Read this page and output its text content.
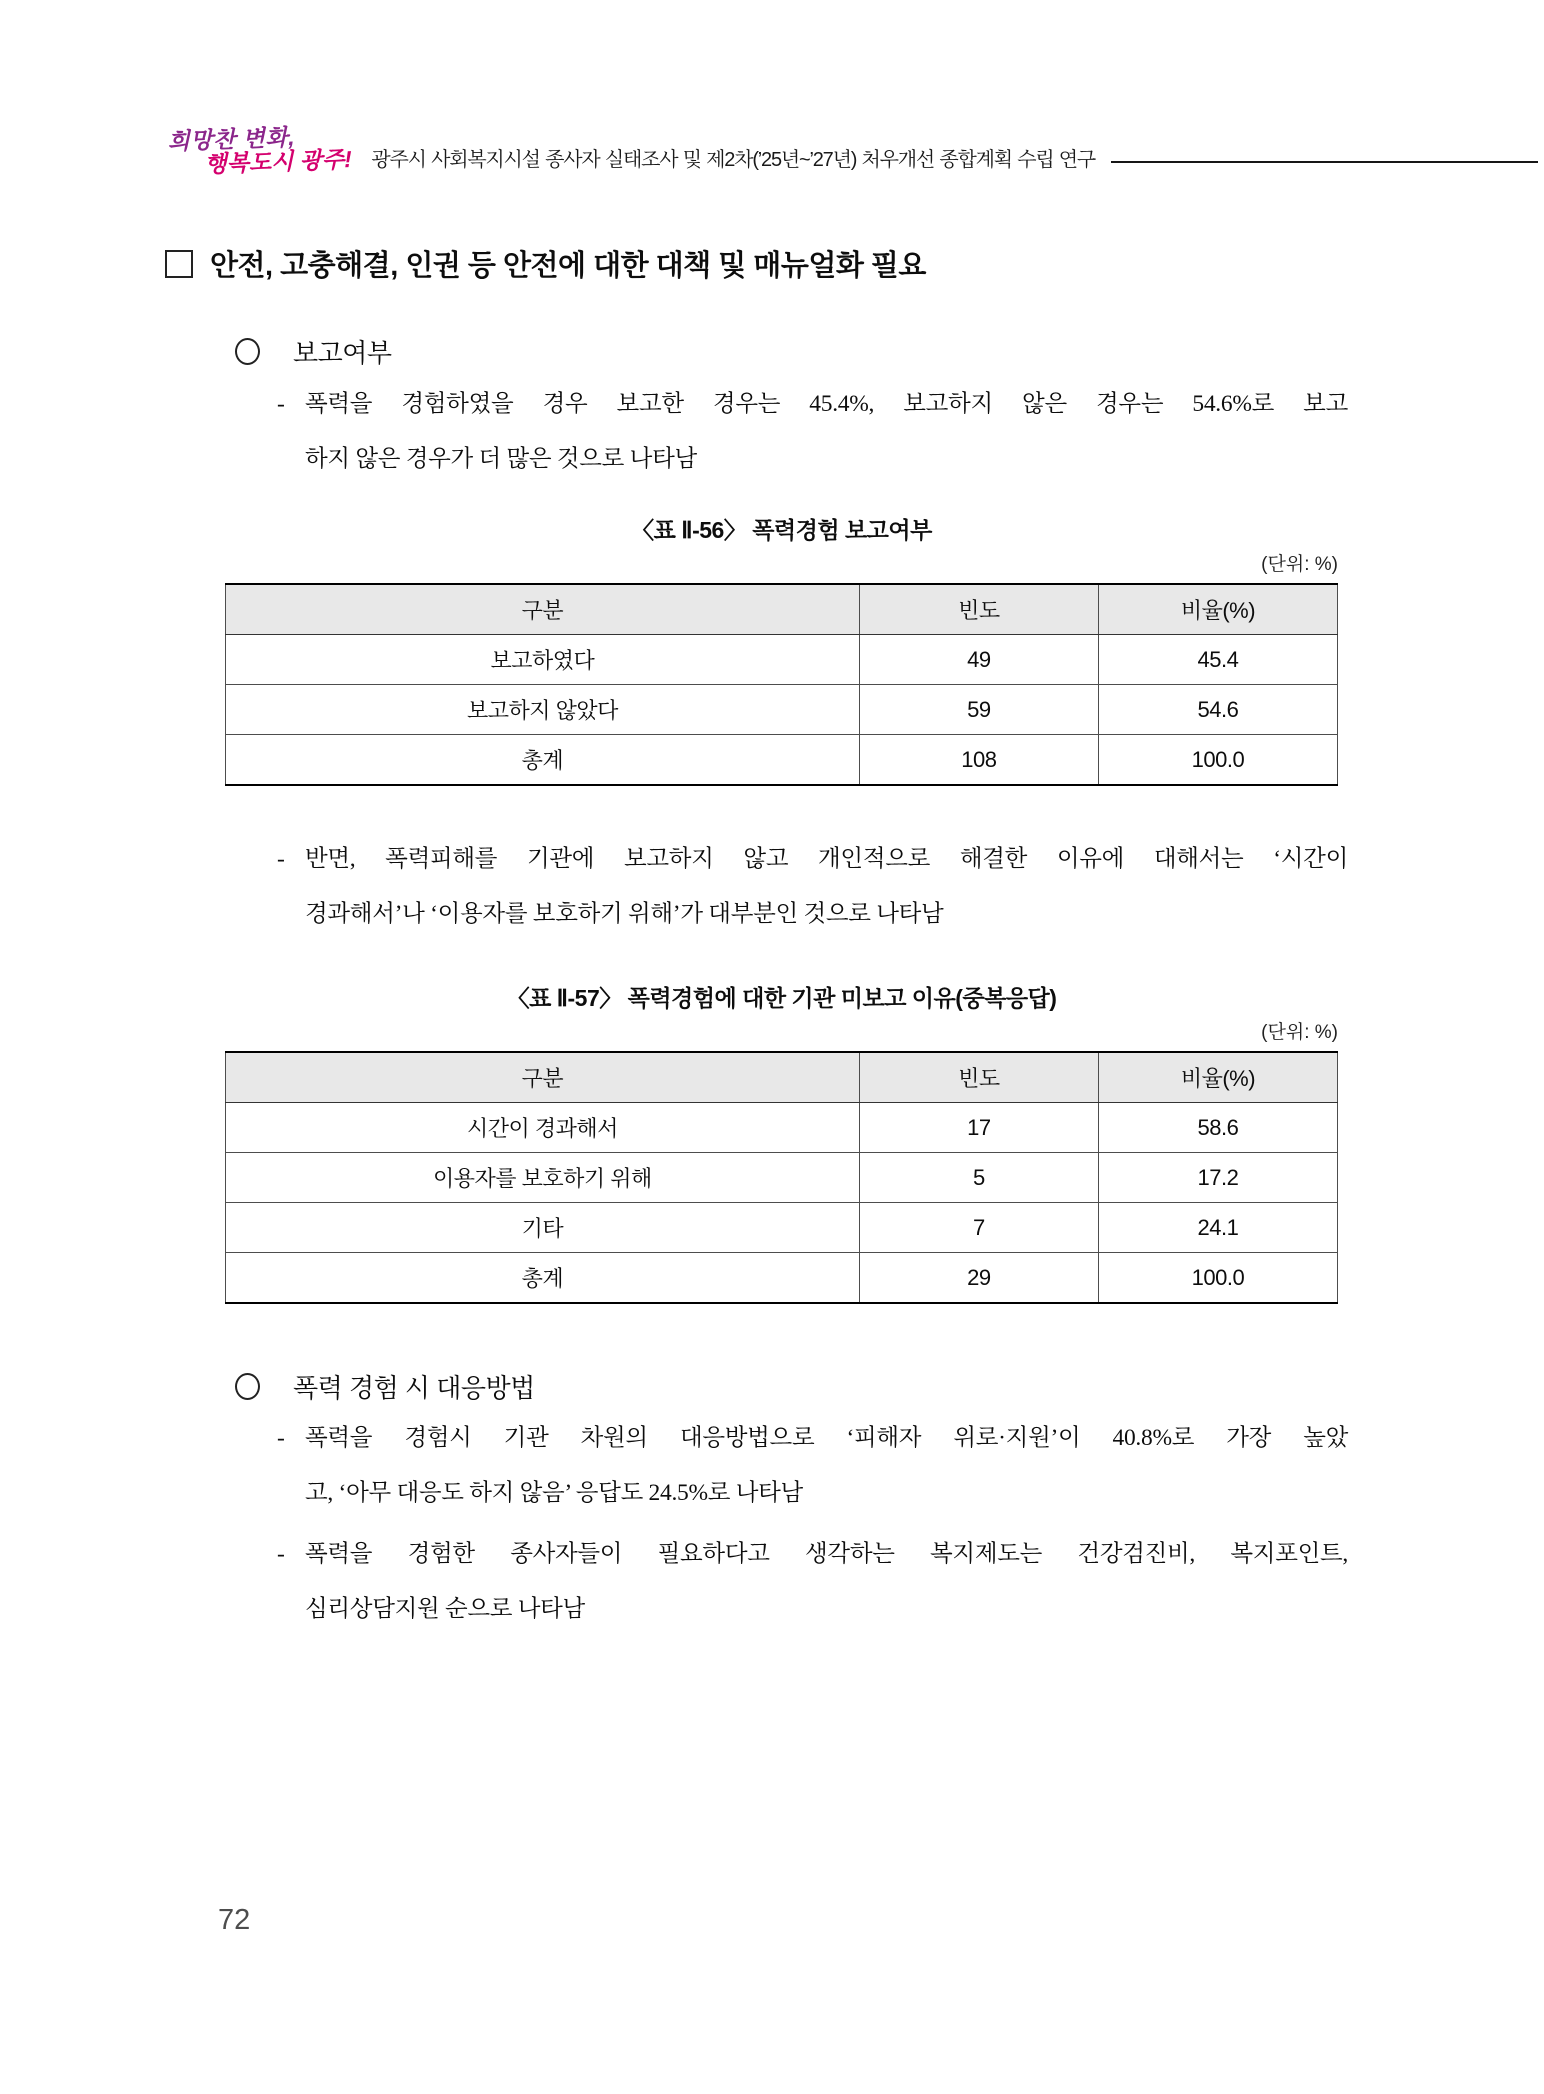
희망찬 변화,
행복도시 광주! 광주시 사회복지시설 종사자 실태조사 및 제2차(’25년~’27년) 처우개선 종합계획 수립 연구
안전, 고충해결, 인권 등 안전에 대한 대책 및 매뉴얼화 필요
보고여부
- 폭력을 경험하였을 경우 보고한 경우는 45.4%, 보고하지 않은 경우는 54.6%로 보고
하지 않은 경우가 더 많은 것으로 나타남
〈표 Ⅱ-56〉 폭력경험 보고여부
(단위: %)
구분	빈도	비율(%)
보고하였다	49	45.4
보고하지 않았다	59	54.6
총계	108	100.0
- 반면, 폭력피해를 기관에 보고하지 않고 개인적으로 해결한 이유에 대해서는 ‘시간이
경과해서’나 ‘이용자를 보호하기 위해’가 대부분인 것으로 나타남
〈표 Ⅱ-57〉 폭력경험에 대한 기관 미보고 이유(중복응답)
(단위: %)
구분	빈도	비율(%)
시간이 경과해서	17	58.6
이용자를 보호하기 위해	5	17.2
기타	7	24.1
총계	29	100.0
폭력 경험 시 대응방법
- 폭력을 경험시 기관 차원의 대응방법으로 ‘피해자 위로·지원’이 40.8%로 가장 높았
고, ‘아무 대응도 하지 않음’ 응답도 24.5%로 나타남
- 폭력을 경험한 종사자들이 필요하다고 생각하는 복지제도는 건강검진비, 복지포인트,
심리상담지원 순으로 나타남
72
